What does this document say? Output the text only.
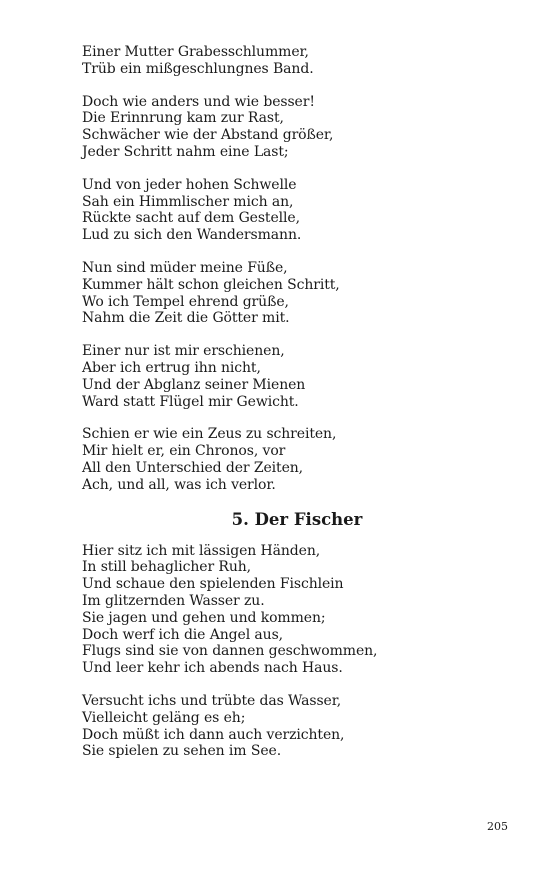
Einer Mutter Grabesschlummer,
Trüb ein mißgeschlungnes Band.
Doch wie anders und wie besser!
Die Erinnrung kam zur Rast,
Schwächer wie der Abstand größer,
Jeder Schritt nahm eine Last;
Und von jeder hohen Schwelle
Sah ein Himmlischer mich an,
Rückte sacht auf dem Gestelle,
Lud zu sich den Wandersmann.
Nun sind müder meine Füße,
Kummer hält schon gleichen Schritt,
Wo ich Tempel ehrend grüße,
Nahm die Zeit die Götter mit.
Einer nur ist mir erschienen,
Aber ich ertrug ihn nicht,
Und der Abglanz seiner Mienen
Ward statt Flügel mir Gewicht.
Schien er wie ein Zeus zu schreiten,
Mir hielt er, ein Chronos, vor
All den Unterschied der Zeiten,
Ach, und all, was ich verlor.
5. Der Fischer
Hier sitz ich mit lässigen Händen,
In still behaglicher Ruh,
Und schaue den spielenden Fischlein
Im glitzernden Wasser zu.
Sie jagen und gehen und kommen;
Doch werf ich die Angel aus,
Flugs sind sie von dannen geschwommen,
Und leer kehr ich abends nach Haus.
Versucht ichs und trübte das Wasser,
Vielleicht geläng es eh;
Doch müßt ich dann auch verzichten,
Sie spielen zu sehen im See.
205
